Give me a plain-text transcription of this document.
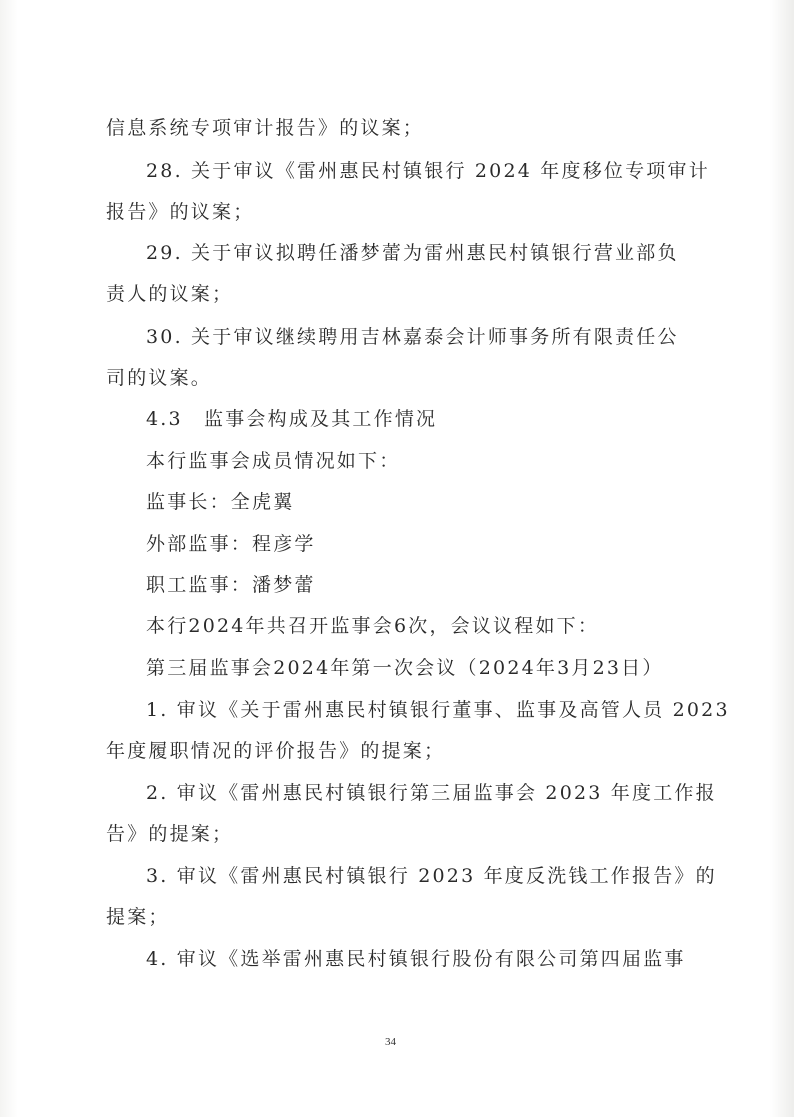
信息系统专项审计报告》的议案；
28. 关于审议《雷州惠民村镇银行 2024 年度移位专项审计
报告》的议案；
29. 关于审议拟聘任潘梦蕾为雷州惠民村镇银行营业部负
责人的议案；
30. 关于审议继续聘用吉林嘉泰会计师事务所有限责任公
司的议案。
4.3　监事会构成及其工作情况
本行监事会成员情况如下：
监事长：全虎翼
外部监事：程彦学
职工监事：潘梦蕾
本行2024年共召开监事会6次，会议议程如下：
第三届监事会2024年第一次会议（2024年3月23日）
1. 审议《关于雷州惠民村镇银行董事、监事及高管人员 2023
年度履职情况的评价报告》的提案；
2. 审议《雷州惠民村镇银行第三届监事会 2023 年度工作报
告》的提案；
3. 审议《雷州惠民村镇银行 2023 年度反洗钱工作报告》的
提案；
4. 审议《选举雷州惠民村镇银行股份有限公司第四届监事
34
